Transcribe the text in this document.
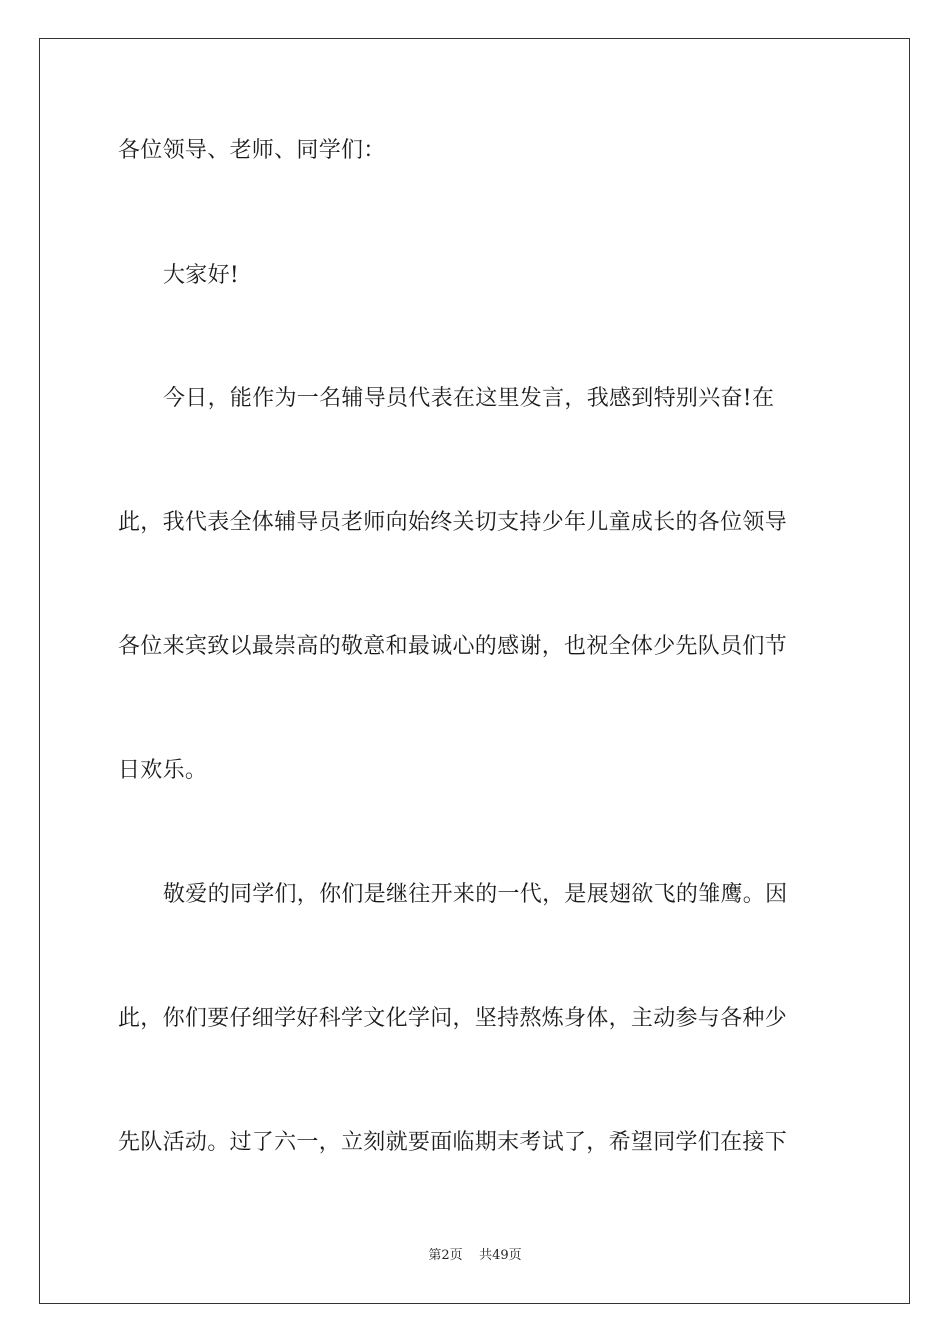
各位领导、老师、同学们：
大家好!
今日，能作为一名辅导员代表在这里发言，我感到特别兴奋!在
此，我代表全体辅导员老师向始终关切支持少年儿童成长的各位领导
各位来宾致以最崇高的敬意和最诚心的感谢，也祝全体少先队员们节
日欢乐。
敬爱的同学们，你们是继往开来的一代，是展翅欲飞的雏鹰。因
此，你们要仔细学好科学文化学问，坚持熬炼身体，主动参与各种少
先队活动。过了六一，立刻就要面临期末考试了，希望同学们在接下
第2页 共49页
